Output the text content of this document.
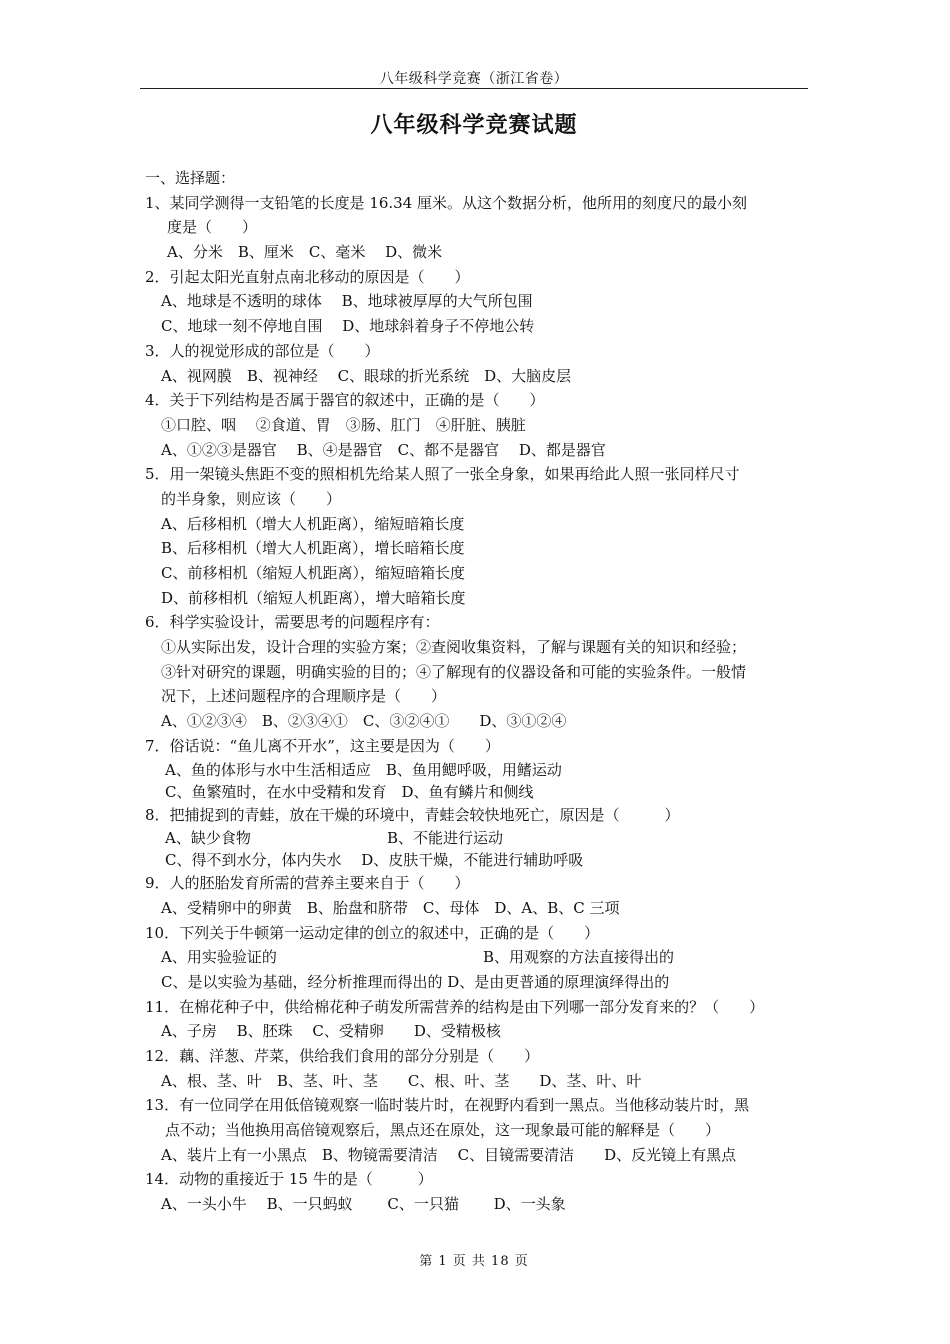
八年级科学竞赛（浙江省卷）
八年级科学竞赛试题
一、选择题：
1、某同学测得一支铅笔的长度是 16.34 厘米。从这个数据分析，他所用的刻度尺的最小刻
度是（　　）
A、分米　B、厘米　C、毫米　 D、微米
2．引起太阳光直射点南北移动的原因是（　　）
A、地球是不透明的球体　 B、地球被厚厚的大气所包围
C、地球一刻不停地自围　 D、地球斜着身子不停地公转
3．人的视觉形成的部位是（　　）
A、视网膜　B、视神经　 C、眼球的折光系统　D、大脑皮层
4．关于下列结构是否属于器官的叙述中，正确的是（　　）
①口腔、咽　 ②食道、胃　③肠、肛门　④肝脏、胰脏
A、①②③是器官　 B、④是器官　C、都不是器官　 D、都是器官
5．用一架镜头焦距不变的照相机先给某人照了一张全身象，如果再给此人照一张同样尺寸
的半身象，则应该（　　）
A、后移相机（增大人机距离），缩短暗箱长度
B、后移相机（增大人机距离），增长暗箱长度
C、前移相机（缩短人机距离），缩短暗箱长度
D、前移相机（缩短人机距离），增大暗箱长度
6．科学实验设计，需要思考的问题程序有：
①从实际出发，设计合理的实验方案；②查阅收集资料，了解与课题有关的知识和经验；
③针对研究的课题，明确实验的目的；④了解现有的仪器设备和可能的实验条件。一般情
况下，上述问题程序的合理顺序是（　　）
A、①②③④　B、②③④①　C、③②④①　　D、③①②④
7．俗话说：“鱼儿离不开水”，这主要是因为（　　）
A、鱼的体形与水中生活相适应　B、鱼用鳃呼吸，用鳍运动
C、鱼繁殖时，在水中受精和发育　D、鱼有鳞片和侧线
8．把捕捉到的青蛙，放在干燥的环境中，青蛙会较快地死亡，原因是（　　　）
A、缺少食物	B、不能进行运动
C、得不到水分，体内失水　 D、皮肤干燥，不能进行辅助呼吸
9．人的胚胎发育所需的营养主要来自于（　　）
A、受精卵中的卵黄　B、胎盘和脐带　C、母体　D、A、B、C 三项
10．下列关于牛顿第一运动定律的创立的叙述中，正确的是（　　）
A、用实验验证的	B、用观察的方法直接得出的
C、是以实验为基础，经分析推理而得出的 D、是由更普通的原理演绎得出的
11．在棉花种子中，供给棉花种子萌发所需营养的结构是由下列哪一部分发育来的？（　　）
A、子房　 B、胚珠　 C、受精卵　　D、受精极核
12．藕、洋葱、芹菜，供给我们食用的部分分别是（　　）
A、根、茎、叶　B、茎、叶、茎　　C、根、叶、茎　　D、茎、叶、叶
13．有一位同学在用低倍镜观察一临时装片时，在视野内看到一黑点。当他移动装片时，黑
点不动；当他换用高倍镜观察后，黑点还在原处，这一现象最可能的解释是（　　）
A、装片上有一小黑点　B、物镜需要清洁　 C、目镜需要清洁　　D、反光镜上有黑点
14．动物的重接近于 15 牛的是（　　　）
A、一头小牛　 B、一只蚂蚁　　 C、一只猫　　 D、一头象
第 1 页 共 18 页
